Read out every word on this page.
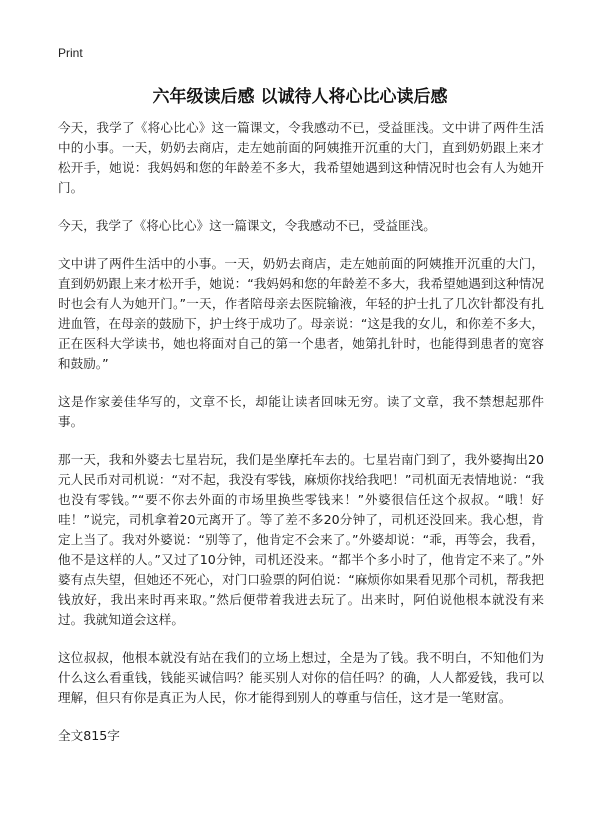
Print
六年级读后感 以诚待人将心比心读后感

今天，我学了《将心比心》这一篇课文，令我感动不已，受益匪浅。文中讲了两件生活中的小事。一天，奶奶去商店，走左她前面的阿姨推开沉重的大门，直到奶奶跟上来才松开手，她说：我妈妈和您的年龄差不多大，我希望她遇到这种情况时也会有人为她开门。

今天，我学了《将心比心》这一篇课文，令我感动不已，受益匪浅。

文中讲了两件生活中的小事。一天，奶奶去商店，走左她前面的阿姨推开沉重的大门，直到奶奶跟上来才松开手，她说：“我妈妈和您的年龄差不多大，我希望她遇到这种情况时也会有人为她开门。”一天，作者陪母亲去医院输液，年轻的护士扎了几次针都没有扎进血管，在母亲的鼓励下，护士终于成功了。母亲说：“这是我的女儿，和你差不多大，正在医科大学读书，她也将面对自己的第一个患者，她第扎针时，也能得到患者的宽容和鼓励。”

这是作家姜佳华写的，文章不长，却能让读者回味无穷。读了文章，我不禁想起那件事。

那一天，我和外婆去七星岩玩，我们是坐摩托车去的。七星岩南门到了，我外婆掏出20元人民币对司机说：“对不起，我没有零钱，麻烦你找给我吧！”司机面无表情地说：“我也没有零钱。”“要不你去外面的市场里换些零钱来！”外婆很信任这个叔叔。“哦！好哇！”说完，司机拿着20元离开了。等了差不多20分钟了，司机还没回来。我心想，肯定上当了。我对外婆说：“别等了，他肯定不会来了。”外婆却说：“乖，再等会，我看，他不是这样的人。”又过了10分钟，司机还没来。“都半个多小时了，他肯定不来了。”外婆有点失望，但她还不死心，对门口验票的阿伯说：“麻烦你如果看见那个司机，帮我把钱放好，我出来时再来取。”然后便带着我进去玩了。出来时，阿伯说他根本就没有来过。我就知道会这样。

这位叔叔，他根本就没有站在我们的立场上想过，全是为了钱。我不明白，不知他们为什么这么看重钱，钱能买诚信吗？能买别人对你的信任吗？的确，人人都爱钱，我可以理解，但只有你是真正为人民，你才能得到别人的尊重与信任，这才是一笔财富。

全文815字
